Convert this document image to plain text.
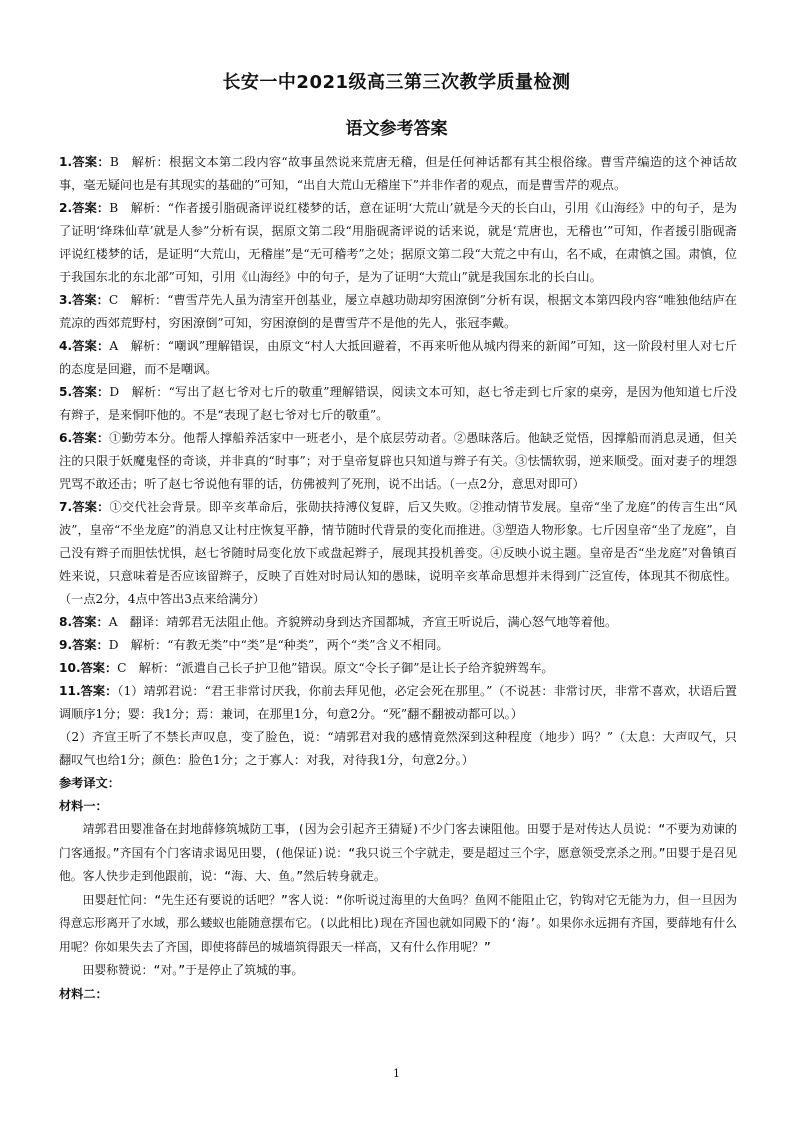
长安一中2021级高三第三次教学质量检测
语文参考答案

1.答案：B　解析：根据文本第二段内容“故事虽然说来荒唐无稽，但是任何神话都有其尘根俗缘。曹雪芹编造的这个神话故事，毫无疑问也是有其现实的基础的”可知，“出自大荒山无稽崖下”并非作者的观点，而是曹雪芹的观点。

2.答案：B　解析：“作者援引脂砚斋评说红楼梦的话，意在证明‘大荒山’就是今天的长白山，引用《山海经》中的句子，是为了证明‘绛珠仙草’就是人参”分析有误，据原文第二段“用脂砚斋评说的话来说，就是‘荒唐也，无稽也’”可知，作者援引脂砚斋评说红楼梦的话，是证明“大荒山，无稽崖”是“无可稽考”之处；据原文第二段“大荒之中有山，名不咸，在肃慎之国。肃慎，位于我国东北的东北部”可知，引用《山海经》中的句子，是为了证明“大荒山”就是我国东北的长白山。

3.答案：C　解析：“曹雪芹先人虽为清室开创基业，屡立卓越功勋却穷困潦倒”分析有误，根据文本第四段内容“唯独他结庐在荒凉的西郊荒野村，穷困潦倒”可知，穷困潦倒的是曹雪芹不是他的先人，张冠李戴。

4.答案：A　解析：“嘲讽”理解错误，由原文“村人大抵回避着，不再来听他从城内得来的新闻”可知，这一阶段村里人对七斤的态度是回避，而不是嘲讽。

5.答案：D　解析：“写出了赵七爷对七斤的敬重”理解错误，阅读文本可知，赵七爷走到七斤家的桌旁，是因为他知道七斤没有辫子，是来恫吓他的。不是“表现了赵七爷对七斤的敬重”。

6.答案：①勤劳本分。他帮人撑船养活家中一班老小，是个底层劳动者。②愚昧落后。他缺乏觉悟，因撑船而消息灵通，但关注的只限于妖魔鬼怪的奇谈，并非真的“时事”；对于皇帝复辟也只知道与辫子有关。③怯懦软弱，逆来顺受。面对妻子的埋怨咒骂不敢还击；听了赵七爷说他有罪的话，仿佛被判了死刑，说不出话。（一点2分，意思对即可）

7.答案：①交代社会背景。即辛亥革命后，张勋扶持溥仪复辟，后又失败。②推动情节发展。皇帝“坐了龙庭”的传言生出“风波”，皇帝“不坐龙庭”的消息又让村庄恢复平静，情节随时代背景的变化而推进。③塑造人物形象。七斤因皇帝“坐了龙庭”，自己没有辫子而胆怯忧惧，赵七爷随时局变化放下或盘起辫子，展现其投机善变。④反映小说主题。皇帝是否“坐龙庭”对鲁镇百姓来说，只意味着是否应该留辫子，反映了百姓对时局认知的愚昧，说明辛亥革命思想并未得到广泛宣传，体现其不彻底性。（一点2分，4点中答出3点来给满分）

8.答案：A　翻译：靖郭君无法阻止他。齐貌辨动身到达齐国都城，齐宣王听说后，满心怒气地等着他。

9.答案：D　解析：“有教无类”中“类”是“种类”，两个“类”含义不相同。

10.答案：C　解析：“派遣自己长子护卫他”错误。原文“令长子御”是让长子给齐貌辨驾车。

11.答案：（1）靖郭君说：“君王非常讨厌我，你前去拜见他，必定会死在那里。”（不说甚：非常讨厌，非常不喜欢，状语后置调顺序1分；婴：我1分；焉：兼词，在那里1分，句意2分。“死”翻不翻被动都可以。）

（2）齐宣王听了不禁长声叹息，变了脸色，说：“靖郭君对我的感情竟然深到这种程度（地步）吗？”（太息：大声叹气，只翻叹气也给1分；颜色：脸色1分；之于寡人：对我，对待我1分，句意2分。）

参考译文：

材料一：

靖郭君田婴准备在封地薛修筑城防工事，(因为会引起齐王猜疑)不少门客去谏阻他。田婴于是对传达人员说：“不要为劝谏的门客通报。”齐国有个门客请求谒见田婴，(他保证)说：“我只说三个字就走，要是超过三个字，愿意领受烹杀之刑。”田婴于是召见他。客人快步走到他跟前，说：“海、大、鱼。”然后转身就走。

田婴赶忙问：“先生还有要说的话吧？”客人说：“你听说过海里的大鱼吗？鱼网不能阻止它，钓钩对它无能为力，但一旦因为得意忘形离开了水域，那么蝼蚁也能随意摆布它。(以此相比)现在齐国也就如同殿下的‘海’。如果你永远拥有齐国，要薛地有什么用呢？你如果失去了齐国，即使将薛邑的城墙筑得跟天一样高，又有什么作用呢？”

田婴称赞说：“对。”于是停止了筑城的事。

材料二：

1
